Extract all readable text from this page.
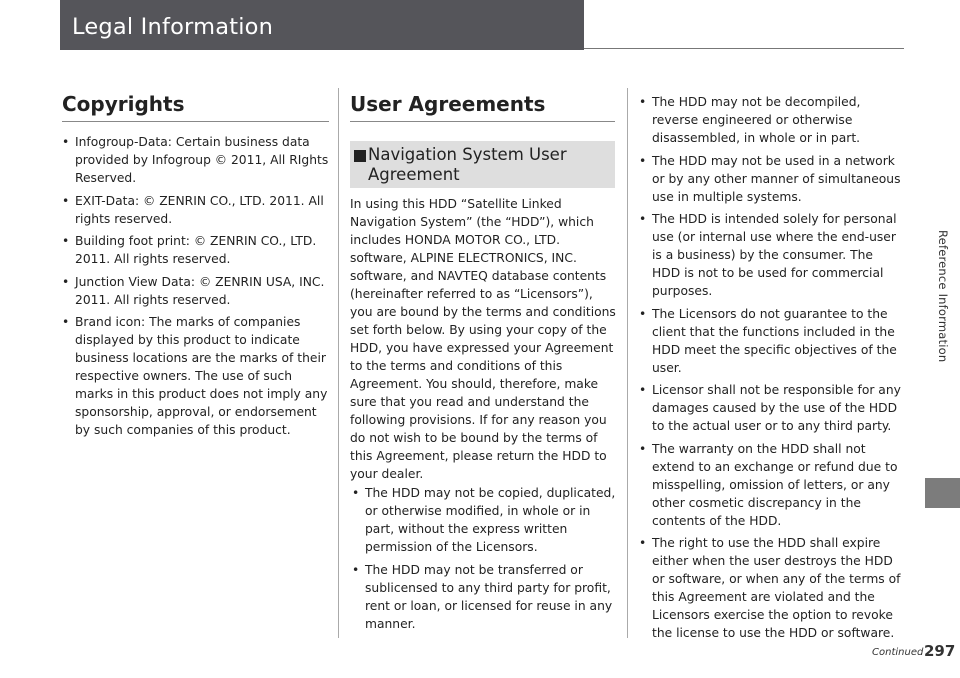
Legal Information
Reference Information
Copyrights
• Infogroup-Data: Certain business data provided by Infogroup © 2011, All RIghts Reserved.
• EXIT-Data: © ZENRIN CO., LTD. 2011. All rights reserved.
• Building foot print: © ZENRIN CO., LTD. 2011. All rights reserved.
• Junction View Data: © ZENRIN USA, INC. 2011. All rights reserved.
• Brand icon: The marks of companies displayed by this product to indicate business locations are the marks of their respective owners. The use of such marks in this product does not imply any sponsorship, approval, or endorsement by such companies of this product.
User Agreements
Navigation System User
Agreement
In using this HDD “Satellite Linked Navigation System” (the “HDD”), which includes HONDA MOTOR CO., LTD. software, ALPINE ELECTRONICS, INC. software, and NAVTEQ database contents (hereinafter referred to as “Licensors”), you are bound by the terms and conditions set forth below. By using your copy of the HDD, you have expressed your Agreement to the terms and conditions of this Agreement. You should, therefore, make sure that you read and understand the following provisions. If for any reason you do not wish to be bound by the terms of this Agreement, please return the HDD to your dealer.
• The HDD may not be copied, duplicated, or otherwise modified, in whole or in part, without the express written permission of the Licensors.
• The HDD may not be transferred or sublicensed to any third party for profit, rent or loan, or licensed for reuse in any manner.
• The HDD may not be decompiled, reverse engineered or otherwise disassembled, in whole or in part.
• The HDD may not be used in a network or by any other manner of simultaneous use in multiple systems.
• The HDD is intended solely for personal use (or internal use where the end-user is a business) by the consumer. The HDD is not to be used for commercial purposes.
• The Licensors do not guarantee to the client that the functions included in the HDD meet the specific objectives of the user.
• Licensor shall not be responsible for any damages caused by the use of the HDD to the actual user or to any third party.
• The warranty on the HDD shall not extend to an exchange or refund due to misspelling, omission of letters, or any other cosmetic discrepancy in the contents of the HDD.
• The right to use the HDD shall expire either when the user destroys the HDD or software, or when any of the terms of this Agreement are violated and the Licensors exercise the option to revoke the license to use the HDD or software.
Continued 297
